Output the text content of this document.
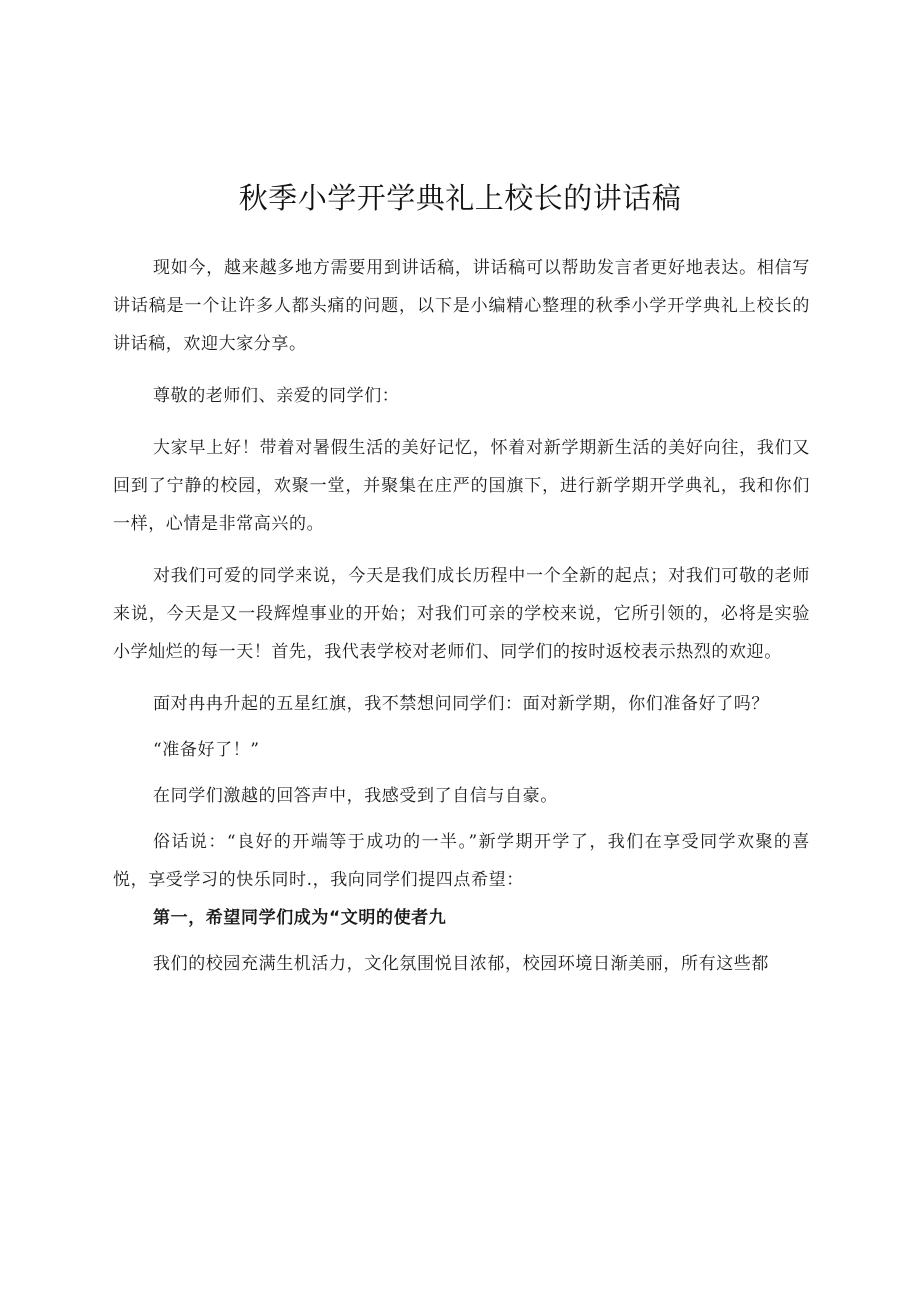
秋季小学开学典礼上校长的讲话稿

现如今，越来越多地方需要用到讲话稿，讲话稿可以帮助发言者更好地表达。相信写讲话稿是一个让许多人都头痛的问题，以下是小编精心整理的秋季小学开学典礼上校长的讲话稿，欢迎大家分享。

尊敬的老师们、亲爱的同学们：

大家早上好！带着对暑假生活的美好记忆，怀着对新学期新生活的美好向往，我们又回到了宁静的校园，欢聚一堂，并聚集在庄严的国旗下，进行新学期开学典礼，我和你们一样，心情是非常高兴的。

对我们可爱的同学来说，今天是我们成长历程中一个全新的起点；对我们可敬的老师来说，今天是又一段辉煌事业的开始；对我们可亲的学校来说，它所引领的，必将是实验小学灿烂的每一天！首先，我代表学校对老师们、同学们的按时返校表示热烈的欢迎。

面对冉冉升起的五星红旗，我不禁想问同学们：面对新学期，你们准备好了吗？

“准备好了！”

在同学们激越的回答声中，我感受到了自信与自豪。

俗话说：“良好的开端等于成功的一半。”新学期开学了，我们在享受同学欢聚的喜悦，享受学习的快乐同时.，我向同学们提四点希望：

第一，希望同学们成为“文明的使者九

我们的校园充满生机活力，文化氛围悦目浓郁，校园环境日渐美丽，所有这些都
